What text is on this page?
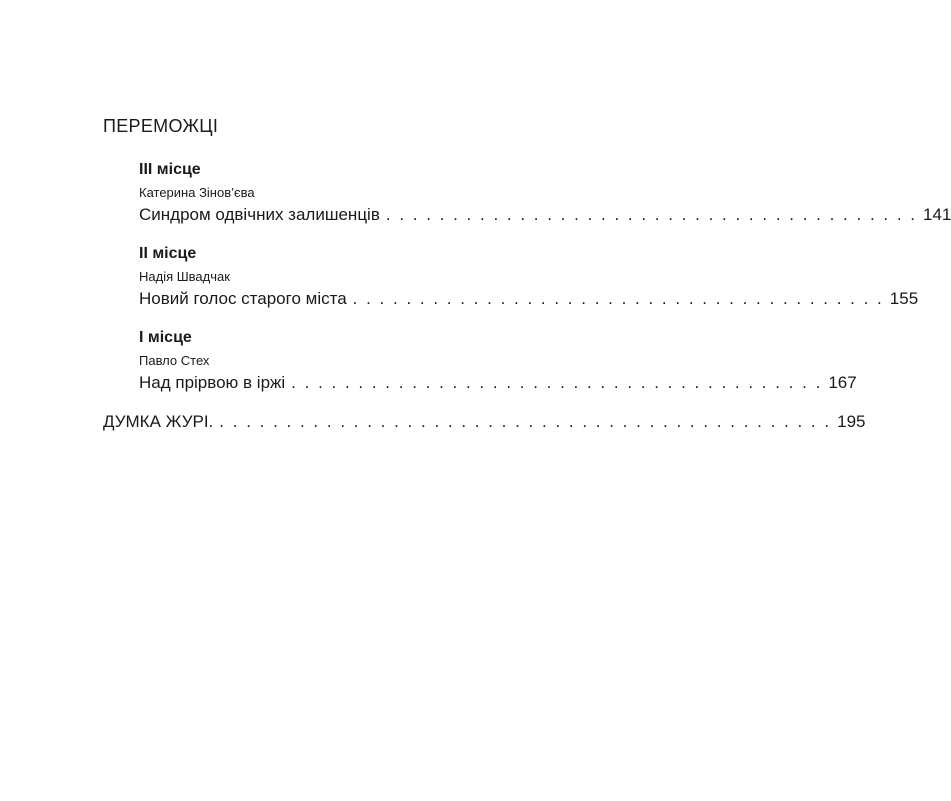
ПЕРЕМОЖЦІ
ІІІ місце
Катерина Зінов’єва
Синдром одвічних залишенців . . . . . . . . . . . . . . . . . . . . . . . . . . . . . . . . . . . . . . . . 141
ІІ місце
Надія Швадчак
Новий голос старого міста . . . . . . . . . . . . . . . . . . . . . . . . . . . . . . . . . . . . . . . . 155
І місце
Павло Стех
Над прірвою в іржі . . . . . . . . . . . . . . . . . . . . . . . . . . . . . . . . . . . . . . . . 167
ДУМКА ЖУРІ. . . . . . . . . . . . . . . . . . . . . . . . . . . . . . . . . . . . . . . . . . . . . . . 195
